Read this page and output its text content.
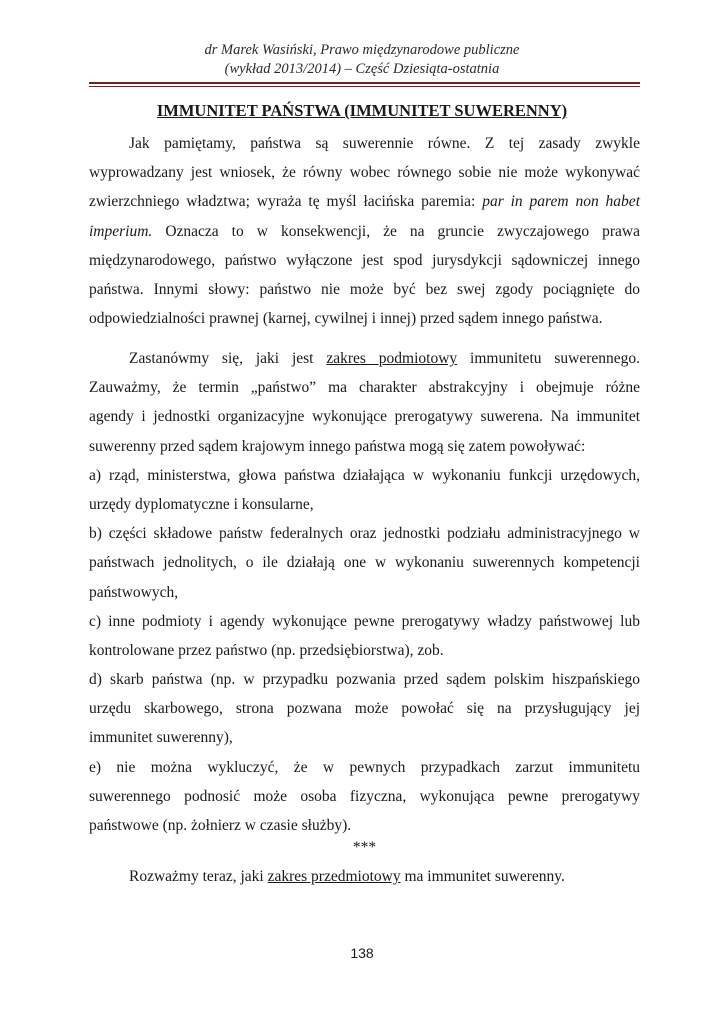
dr Marek Wasiński, Prawo międzynarodowe publiczne
(wykład 2013/2014) – Część Dziesiąta-ostatnia
IMMUNITET PAŃSTWA (IMMUNITET SUWERENNY)
Jak pamiętamy, państwa są suwerennie równe. Z tej zasady zwykle
wyprowadzany jest wniosek, że równy wobec równego sobie nie może wykonywać
zwierzchniego władztwa; wyraża tę myśl łacińska paremia: par in parem non habet
imperium. Oznacza to w konsekwencji, że na gruncie zwyczajowego prawa
międzynarodowego, państwo wyłączone jest spod jurysdykcji sądowniczej innego
państwa. Innymi słowy: państwo nie może być bez swej zgody pociągnięte do
odpowiedzialności prawnej (karnej, cywilnej i innej) przed sądem innego państwa.
Zastanówmy się, jaki jest zakres podmiotowy immunitetu suwerennego.
Zauważmy, że termin „państwo” ma charakter abstrakcyjny i obejmuje różne
agendy i jednostki organizacyjne wykonujące prerogatywy suwerena. Na immunitet
suwerenny przed sądem krajowym innego państwa mogą się zatem powoływać:
a) rząd, ministerstwa, głowa państwa działająca w wykonaniu funkcji urzędowych,
urzędy dyplomatyczne i konsularne,
b) części składowe państw federalnych oraz jednostki podziału administracyjnego w
państwach jednolitych, o ile działają one w wykonaniu suwerennych kompetencji
państwowych,
c) inne podmioty i agendy wykonujące pewne prerogatywy władzy państwowej lub
kontrolowane przez państwo (np. przedsiębiorstwa), zob.
d) skarb państwa (np. w przypadku pozwania przed sądem polskim hiszpańskiego
urzędu skarbowego, strona pozwana może powołać się na przysługujący jej
immunitet suwerenny),
e) nie można wykluczyć, że w pewnych przypadkach zarzut immunitetu
suwerennego podnosić może osoba fizyczna, wykonująca pewne prerogatywy
państwowe (np. żołnierz w czasie służby).
***
Rozważmy teraz, jaki zakres przedmiotowy ma immunitet suwerenny.
138
